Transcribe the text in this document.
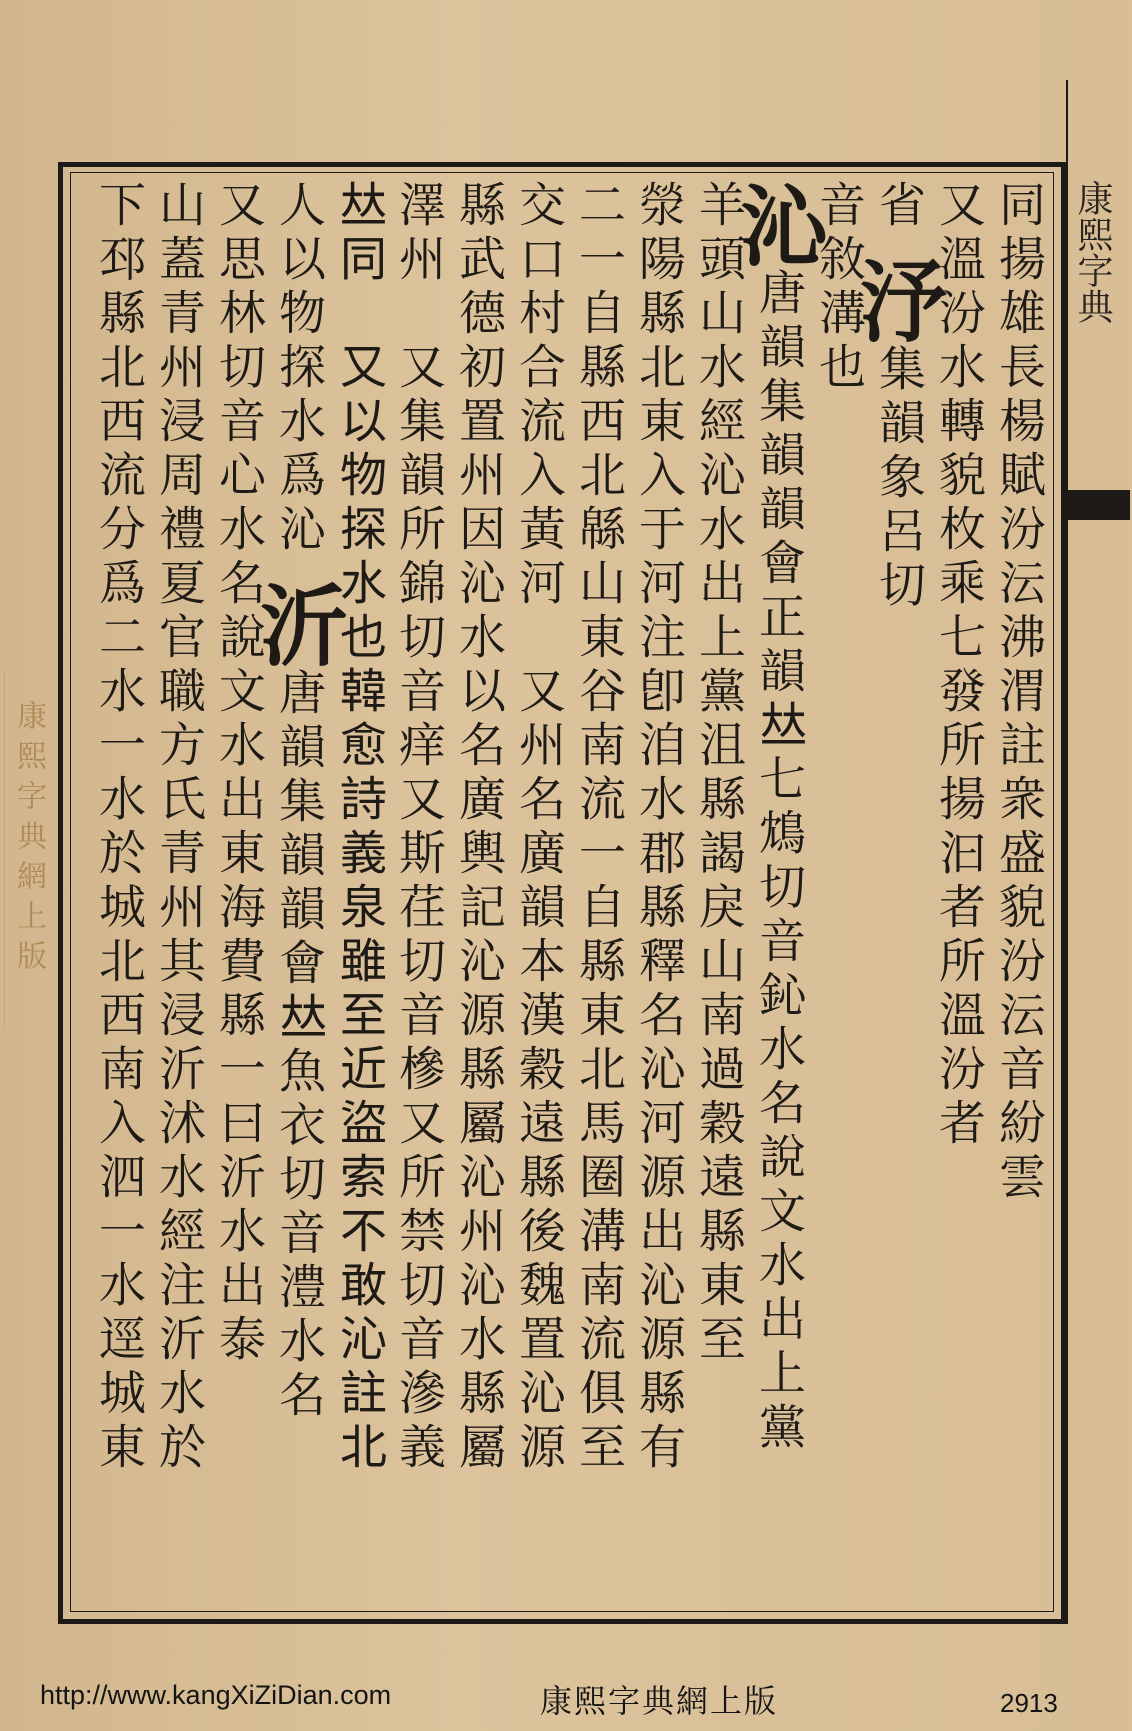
康熙字典
康熙字典網上版	同揚雄長楊賦汾沄沸渭註衆盛貌汾沄音紛雲
又溫汾水轉貌枚乘七發所揚汩者所溫汾者
省 汿集韻象呂切
音敘溝也
沁唐韻集韻韻會正韻𠀤七鴆切音鈊水名說文水出上黨
羊頭山水經沁水出上黨沮縣謁戾山南過穀遠縣東至
滎陽縣北東入于河注卽洎水郡縣釋名沁河源出沁源縣有
二一自縣西北緜山東谷南流一自縣東北馬圈溝南流俱至
交口村合流入黃河　又州名廣韻本漢穀遠縣後魏置沁源
縣武德初置州因沁水以名廣輿記沁源縣屬沁州沁水縣屬
澤州　又集韻所錦切音痒又斯荏切音槮又所禁切音滲義
𠀤同　又以物探水也韓愈詩義泉雖至近盜索不敢沁註北
人以物探水爲沁 沂唐韻集韻韻會𠀤魚衣切音澧水名
又思林切音心水名說文水出東海費縣一曰沂水出泰
山蓋青州浸周禮夏官職方氏青州其浸沂沭水經注沂水於
下邳縣北西流分爲二水一水於城北西南入泗一水逕城東
http://www.kangXiZiDian.com	康熙字典網上版	2913
